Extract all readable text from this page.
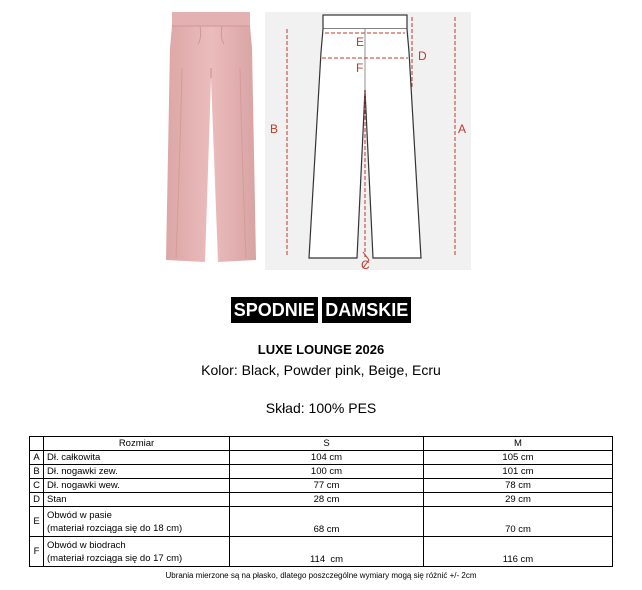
E
F
D
B	A
C
SPODNIE DAMSKIE
LUXE LOUNGE 2026
Kolor: Black, Powder pink, Beige, Ecru
Skład: 100% PES
	Rozmiar	S	M
A	Dł. całkowita	104 cm	105 cm
B	Dł. nogawki zew.	100 cm	101 cm
C	Dł. nogawki wew.	77 cm	78 cm
D	Stan	28 cm	29 cm
E	Obwód w pasie
(materiał rozciąga się do 18 cm)	68 cm	70 cm
F	Obwód w biodrach
(materiał rozciąga się do 17 cm)	114  cm	116 cm
Ubrania mierzone są na płasko, dlatego poszczególne wymiary mogą się różnić +/- 2cm
